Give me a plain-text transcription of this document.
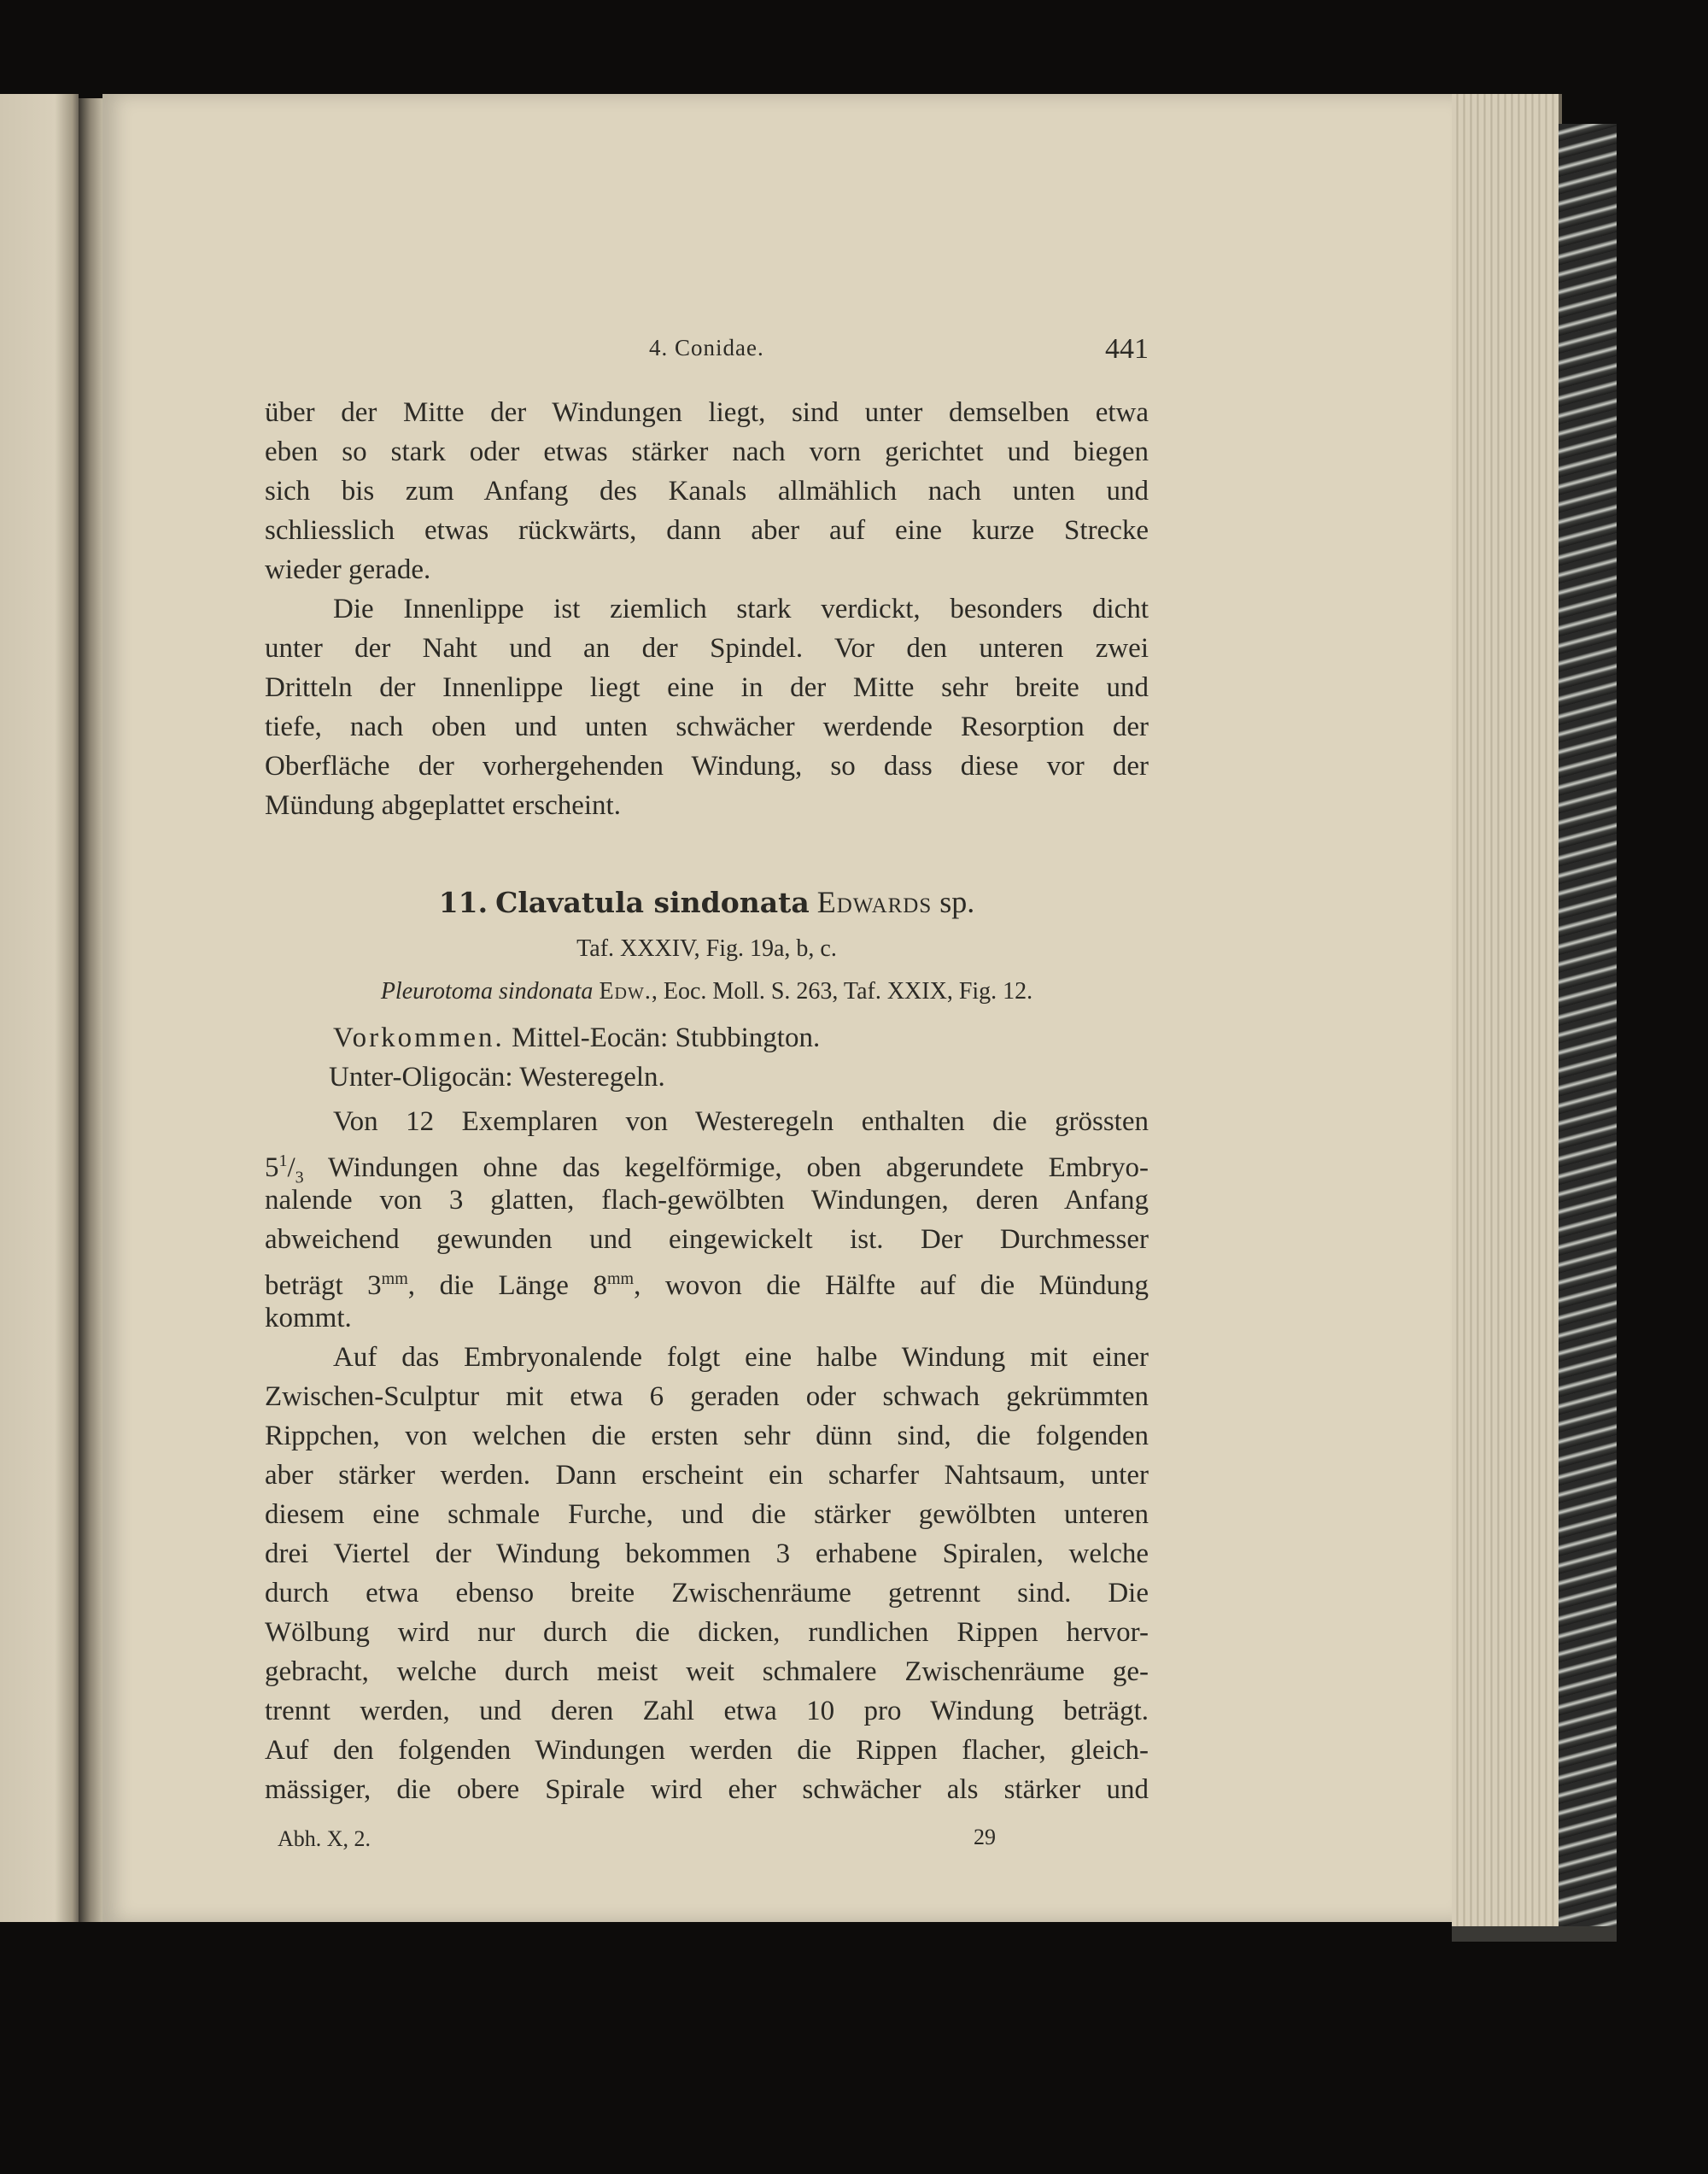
4. Conidae.	441
über der Mitte der Windungen liegt, sind unter demselben etwa
eben so stark oder etwas stärker nach vorn gerichtet und biegen
sich bis zum Anfang des Kanals allmählich nach unten und
schliesslich etwas rückwärts, dann aber auf eine kurze Strecke
wieder gerade.
Die Innenlippe ist ziemlich stark verdickt, besonders dicht
unter der Naht und an der Spindel. Vor den unteren zwei
Dritteln der Innenlippe liegt eine in der Mitte sehr breite und
tiefe, nach oben und unten schwächer werdende Resorption der
Oberfläche der vorhergehenden Windung, so dass diese vor der
Mündung abgeplattet erscheint.
11. Clavatula sindonata Edwards sp.
Taf. XXXIV, Fig. 19a, b, c.
Pleurotoma sindonata Edw., Eoc. Moll. S. 263, Taf. XXIX, Fig. 12.
Vorkommen. Mittel-Eocän: Stubbington.
Unter-Oligocän: Westeregeln.
Von 12 Exemplaren von Westeregeln enthalten die grössten
$5^1/_3$ Windungen ohne das kegelförmige, oben abgerundete Embryo-
nalende von 3 glatten, flach-gewölbten Windungen, deren Anfang
abweichend gewunden und eingewickelt ist. Der Durchmesser
beträgt $3^{mm}$, die Länge $8^{mm}$, wovon die Hälfte auf die Mündung
kommt.
Auf das Embryonalende folgt eine halbe Windung mit einer
Zwischen-Sculptur mit etwa 6 geraden oder schwach gekrümmten
Rippchen, von welchen die ersten sehr dünn sind, die folgenden
aber stärker werden. Dann erscheint ein scharfer Nahtsaum, unter
diesem eine schmale Furche, und die stärker gewölbten unteren
drei Viertel der Windung bekommen 3 erhabene Spiralen, welche
durch etwa ebenso breite Zwischenräume getrennt sind. Die
Wölbung wird nur durch die dicken, rundlichen Rippen hervor-
gebracht, welche durch meist weit schmalere Zwischenräume ge-
trennt werden, und deren Zahl etwa 10 pro Windung beträgt.
Auf den folgenden Windungen werden die Rippen flacher, gleich-
mässiger, die obere Spirale wird eher schwächer als stärker und
Abh. X, 2.	29
